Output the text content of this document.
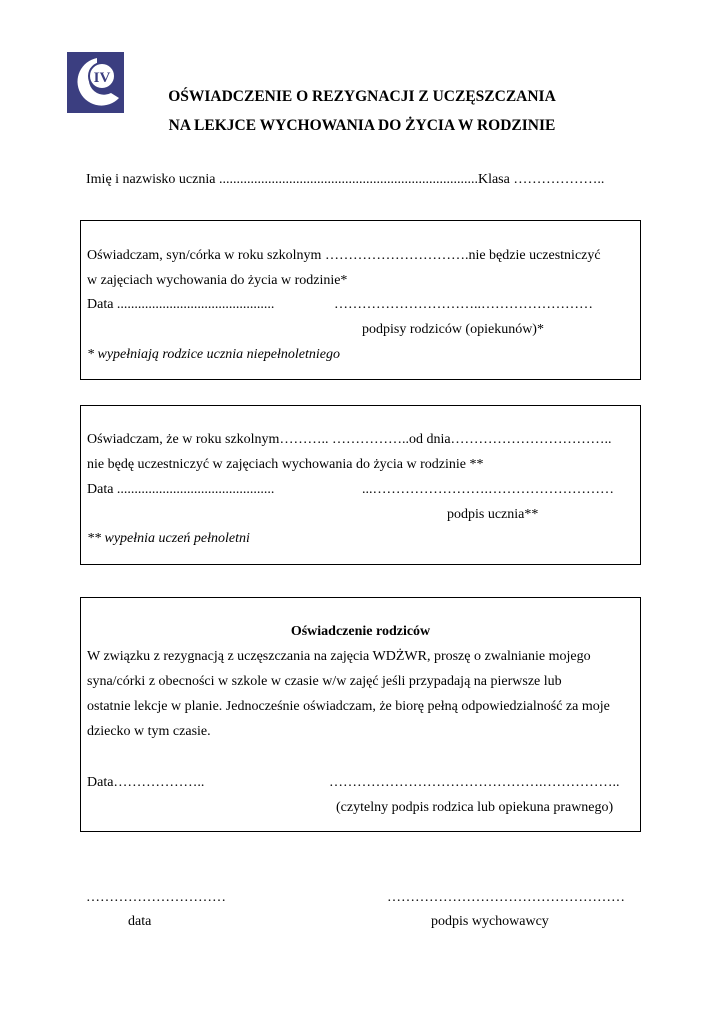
IV
OŚWIADCZENIE O REZYGNACJI Z UCZĘSZCZANIA
NA LEKJCE WYCHOWANIA DO ŻYCIA W RODZINIE
Imię i nazwisko ucznia ..........................................................................Klasa ………………..
Oświadczam, syn/córka w roku szkolnym ………………………….nie będzie uczestniczyć
w zajęciach wychowania do życia w rodzinie*
Data .............................................	…………………………..……………………
podpisy rodziców (opiekunów)*
* wypełniają rodzice ucznia niepełnoletniego
Oświadczam, że w roku szkolnym……….. ……………..od dnia……………………………..
nie będę uczestniczyć w zajęciach wychowania do życia w rodzinie **
Data .............................................	...…………………….………………………
podpis ucznia**
** wypełnia uczeń pełnoletni
Oświadczenie rodziców
W związku z rezygnacją z uczęszczania na zajęcia WDŻWR, proszę o zwalnianie mojego
syna/córki z obecności w szkole w czasie w/w zajęć jeśli przypadają na pierwsze lub
ostatnie lekcje w planie. Jednocześnie oświadczam, że biorę pełną odpowiedzialność za moje
dziecko w tym czasie.
Data………………..	……………………………………….……………..
(czytelny podpis rodzica lub opiekuna prawnego)
…………………………
data
……………………………………………
podpis wychowawcy
